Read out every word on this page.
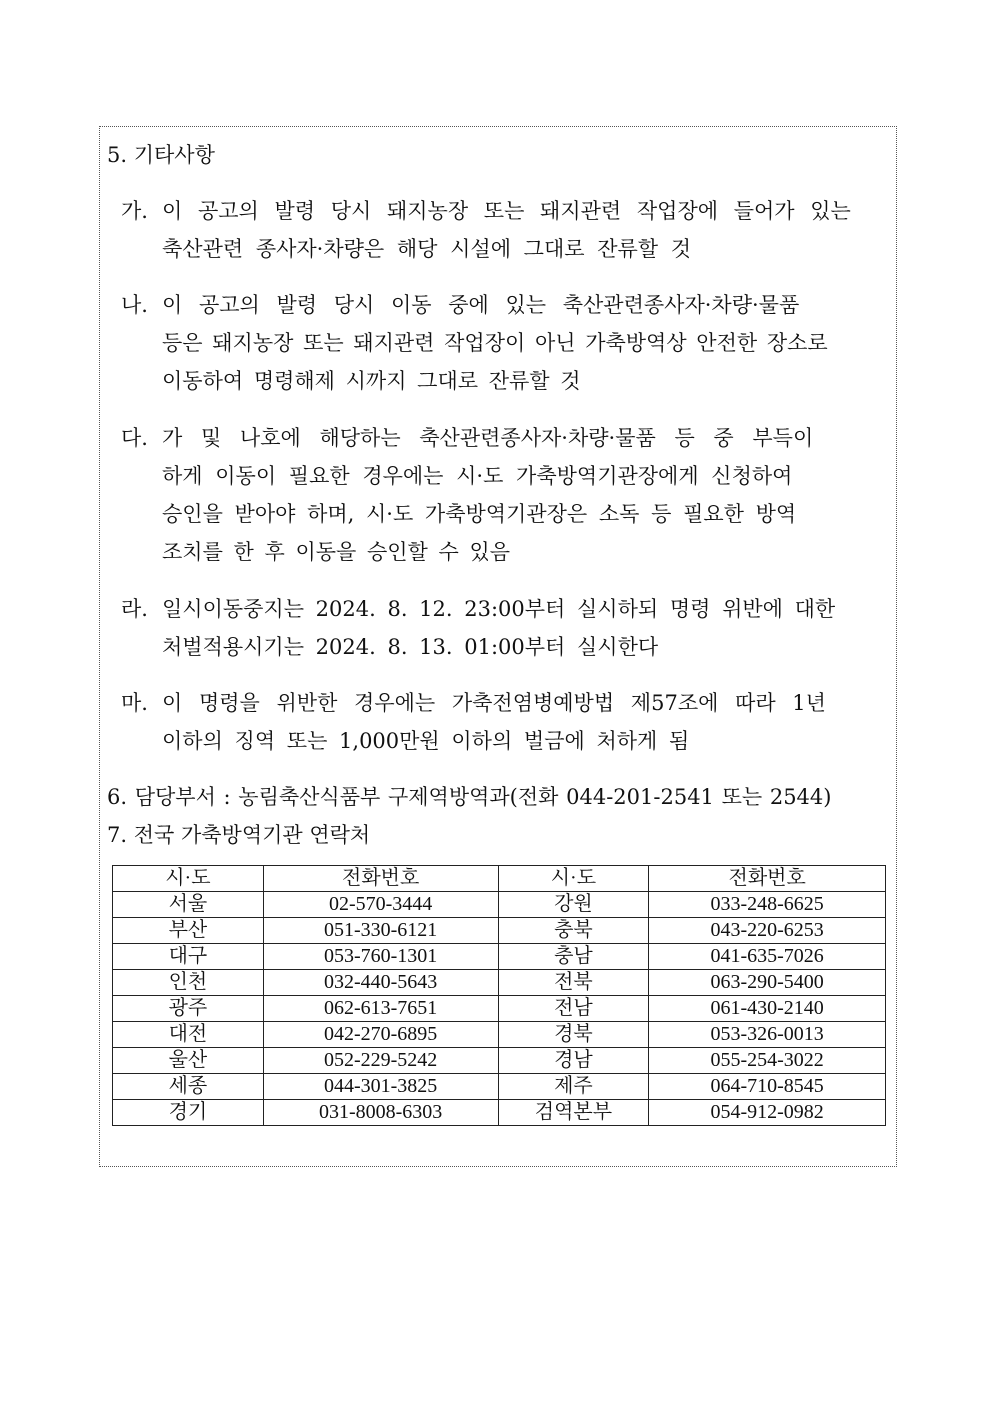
5. 기타사항
가. 이 공고의 발령 당시 돼지농장 또는 돼지관련 작업장에 들어가 있는
축산관련 종사자·차량은 해당 시설에 그대로 잔류할 것
나. 이 공고의 발령 당시 이동 중에 있는 축산관련종사자·차량·물품
등은 돼지농장 또는 돼지관련 작업장이 아닌 가축방역상 안전한 장소로
이동하여 명령해제 시까지 그대로 잔류할 것
다. 가 및 나호에 해당하는 축산관련종사자·차량·물품 등 중 부득이
하게 이동이 필요한 경우에는 시·도 가축방역기관장에게 신청하여
승인을 받아야 하며, 시·도 가축방역기관장은 소독 등 필요한 방역
조치를 한 후 이동을 승인할 수 있음
라. 일시이동중지는 2024. 8. 12. 23:00부터 실시하되 명령 위반에 대한
처벌적용시기는 2024. 8. 13. 01:00부터 실시한다
마. 이 명령을 위반한 경우에는 가축전염병예방법 제57조에 따라 1년
이하의 징역 또는 1,000만원 이하의 벌금에 처하게 됨
6. 담당부서 : 농림축산식품부 구제역방역과(전화 044-201-2541 또는 2544)
7. 전국 가축방역기관 연락처
시·도	전화번호	시·도	전화번호
서울	02-570-3444	강원	033-248-6625
부산	051-330-6121	충북	043-220-6253
대구	053-760-1301	충남	041-635-7026
인천	032-440-5643	전북	063-290-5400
광주	062-613-7651	전남	061-430-2140
대전	042-270-6895	경북	053-326-0013
울산	052-229-5242	경남	055-254-3022
세종	044-301-3825	제주	064-710-8545
경기	031-8008-6303	검역본부	054-912-0982
